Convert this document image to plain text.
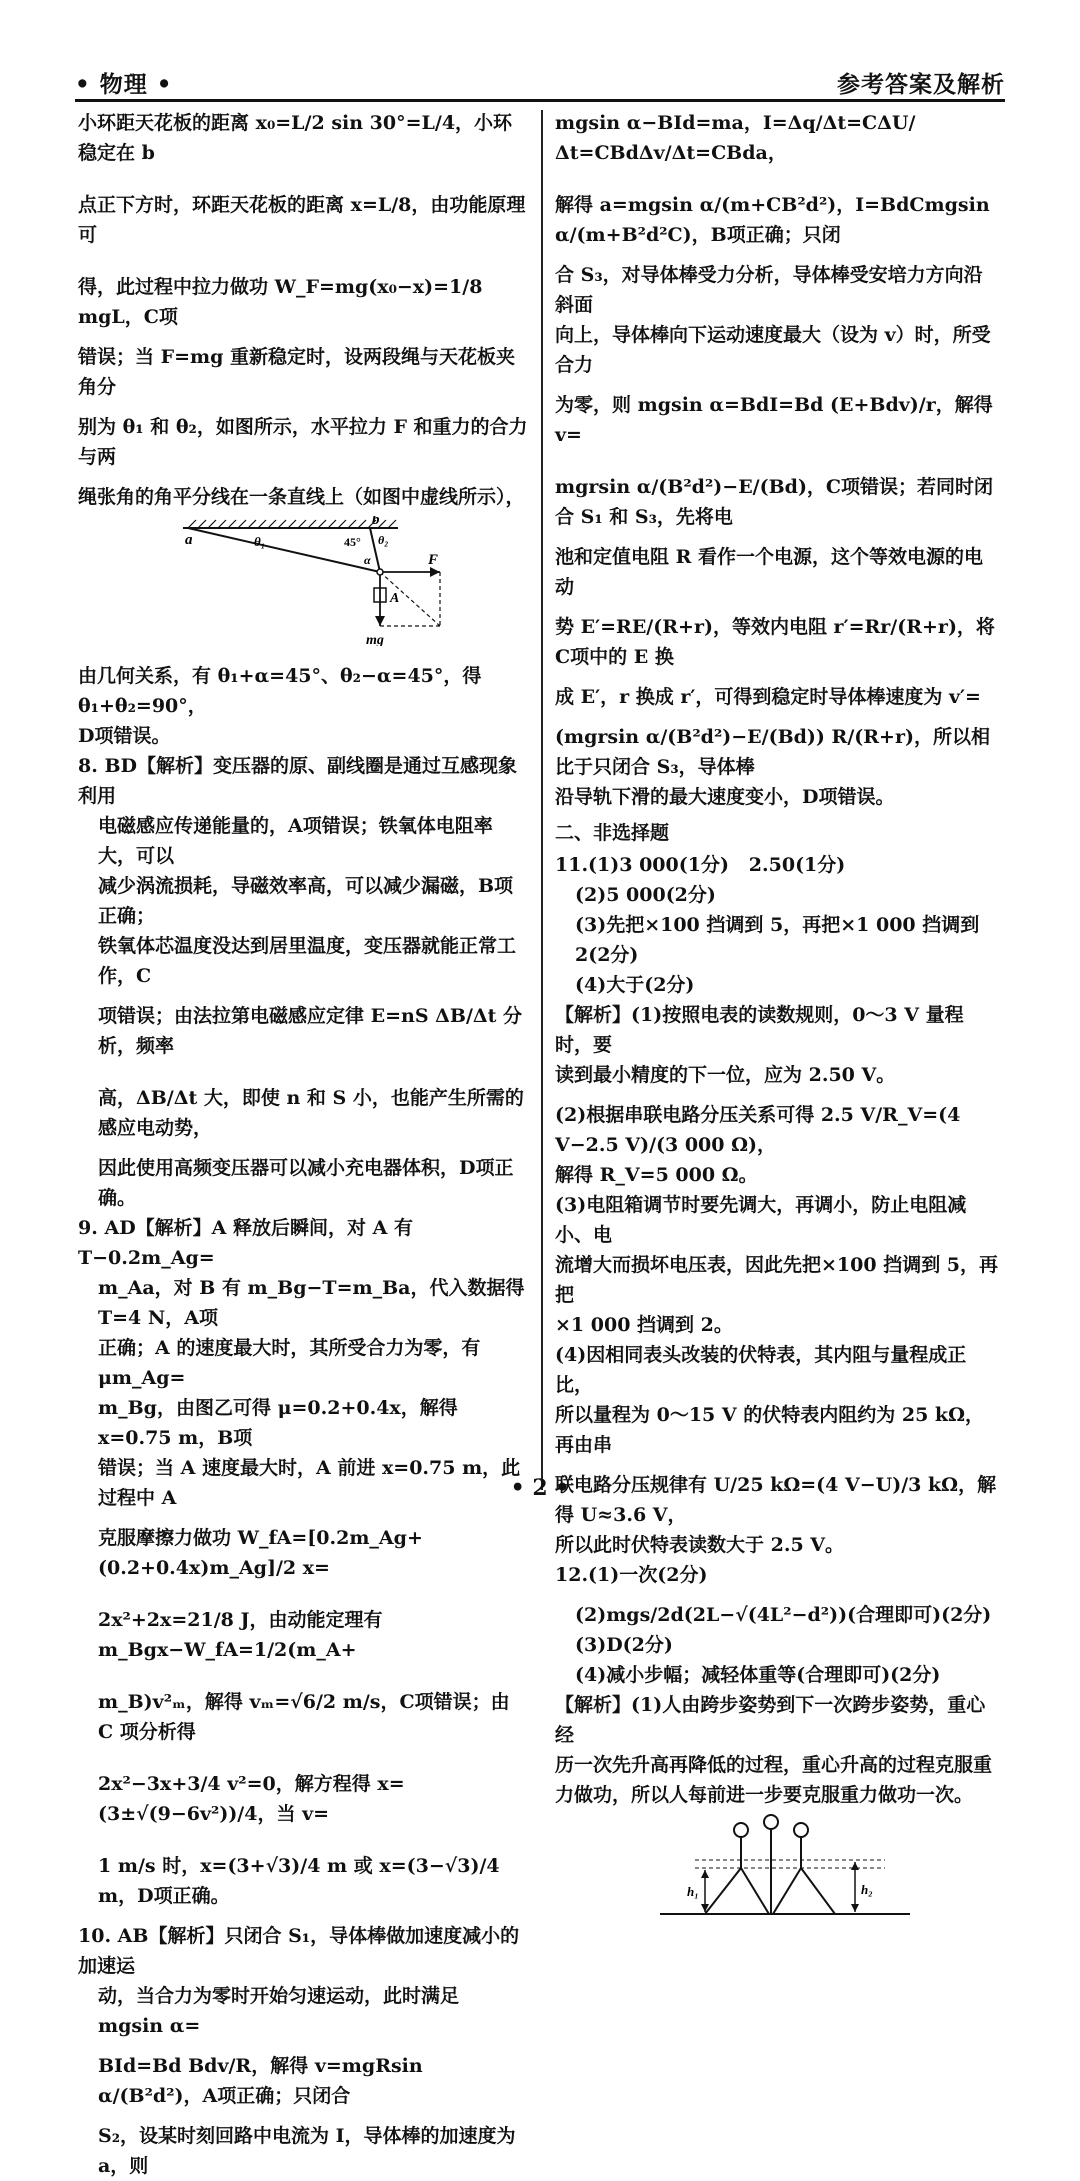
• 物理 •	参考答案及解析

小环距天花板的距离 x₀=L/2 sin 30°=L/4，小环稳定在 b

点正下方时，环距天花板的距离 x=L/8，由功能原理可

得，此过程中拉力做功 W_F=mg(x₀−x)=1/8 mgL，C项

错误；当 F=mg 重新稳定时，设两段绳与天花板夹角分

别为 θ₁ 和 θ₂，如图所示，水平拉力 F 和重力的合力与两

绳张角的角平分线在一条直线上（如图中虚线所示），

a
b
θ₁	θ₂
45°
α	F
A
mg

由几何关系，有 θ₁+α=45°、θ₂−α=45°，得 θ₁+θ₂=90°，

D项错误。

8. BD【解析】变压器的原、副线圈是通过互感现象利用

电磁感应传递能量的，A项错误；铁氧体电阻率大，可以

减少涡流损耗，导磁效率高，可以减少漏磁，B项正确；

铁氧体芯温度没达到居里温度，变压器就能正常工作，C

项错误；由法拉第电磁感应定律 E=nS ΔB/Δt 分析，频率

高，ΔB/Δt 大，即使 n 和 S 小，也能产生所需的感应电动势，

因此使用高频变压器可以减小充电器体积，D项正确。

9. AD【解析】A 释放后瞬间，对 A 有 T−0.2m_Ag=

m_Aa，对 B 有 m_Bg−T=m_Ba，代入数据得 T=4 N，A项

正确；A 的速度最大时，其所受合力为零，有 μm_Ag=

m_Bg，由图乙可得 μ=0.2+0.4x，解得 x=0.75 m，B项

错误；当 A 速度最大时，A 前进 x=0.75 m，此过程中 A

克服摩擦力做功 W_fA=[0.2m_Ag+(0.2+0.4x)m_Ag]/2 x=

2x²+2x=21/8 J，由动能定理有 m_Bgx−W_fA=1/2(m_A+

m_B)v²ₘ，解得 vₘ=√6/2 m/s，C项错误；由 C 项分析得

2x²−3x+3/4 v²=0，解方程得 x=(3±√(9−6v²))/4，当 v=

1 m/s 时，x=(3+√3)/4 m 或 x=(3−√3)/4 m，D项正确。

10. AB【解析】只闭合 S₁，导体棒做加速度减小的加速运

动，当合力为零时开始匀速运动，此时满足 mgsin α=

BId=Bd Bdv/R，解得 v=mgRsin α/(B²d²)，A项正确；只闭合

S₂，设某时刻回路中电流为 I，导体棒的加速度为 a，则

mgsin α−BId=ma，I=Δq/Δt=CΔU/Δt=CBdΔv/Δt=CBda，

解得 a=mgsin α/(m+CB²d²)，I=BdCmgsin α/(m+B²d²C)，B项正确；只闭

合 S₃，对导体棒受力分析，导体棒受安培力方向沿斜面

向上，导体棒向下运动速度最大（设为 v）时，所受合力

为零，则 mgsin α=BdI=Bd (E+Bdv)/r，解得 v=

mgrsin α/(B²d²)−E/(Bd)，C项错误；若同时闭合 S₁ 和 S₃，先将电

池和定值电阻 R 看作一个电源，这个等效电源的电动

势 E′=RE/(R+r)，等效内电阻 r′=Rr/(R+r)，将 C项中的 E 换

成 E′，r 换成 r′，可得到稳定时导体棒速度为 v′=

(mgrsin α/(B²d²)−E/(Bd)) R/(R+r)，所以相比于只闭合 S₃，导体棒

沿导轨下滑的最大速度变小，D项错误。

二、非选择题

11.(1)3 000(1分)   2.50(1分)

(2)5 000(2分)

(3)先把×100 挡调到 5，再把×1 000 挡调到 2(2分)

(4)大于(2分)

【解析】(1)按照电表的读数规则，0～3 V 量程时，要

读到最小精度的下一位，应为 2.50 V。

(2)根据串联电路分压关系可得 2.5 V/R_V=(4 V−2.5 V)/(3 000 Ω)，

解得 R_V=5 000 Ω。

(3)电阻箱调节时要先调大，再调小，防止电阻减小、电

流增大而损坏电压表，因此先把×100 挡调到 5，再把

×1 000 挡调到 2。

(4)因相同表头改装的伏特表，其内阻与量程成正比，

所以量程为 0～15 V 的伏特表内阻约为 25 kΩ，再由串

联电路分压规律有 U/25 kΩ=(4 V−U)/3 kΩ，解得 U≈3.6 V，

所以此时伏特表读数大于 2.5 V。

12.(1)一次(2分)

(2)mgs/2d(2L−√(4L²−d²))(合理即可)(2分)

(3)D(2分)

(4)减小步幅；减轻体重等(合理即可)(2分)

【解析】(1)人由跨步姿势到下一次跨步姿势，重心经

历一次先升高再降低的过程，重心升高的过程克服重

力做功，所以人每前进一步要克服重力做功一次。

h₁	h₂
• 2 •
